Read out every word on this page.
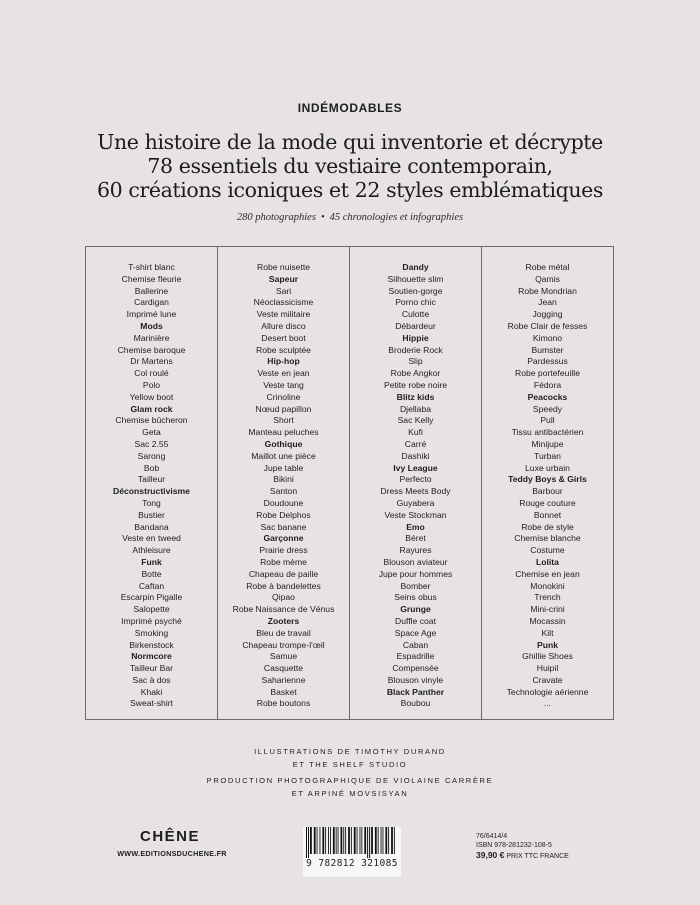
INDÉMODABLES
Une histoire de la mode qui inventorie et décrypte
78 essentiels du vestiaire contemporain,
60 créations iconiques et 22 styles emblématiques
280 photographies • 45 chronologies et infographies
T-shirt blanc
Chemise fleurie
Ballerine
Cardigan
Imprimé lune
Mods
Marinière
Chemise baroque
Dr Martens
Col roulé
Polo
Yellow boot
Glam rock
Chemise bûcheron
Geta
Sac 2.55
Sarong
Bob
Tailleur
Déconstructivisme
Tong
Bustier
Bandana
Veste en tweed
Athleisure
Funk
Botte
Caftan
Escarpin Pigalle
Salopette
Imprimé psyché
Smoking
Birkenstock
Normcore
Tailleur Bar
Sac à dos
Khaki
Sweat-shirt
Robe nuisette
Sapeur
Sari
Néoclassicisme
Veste militaire
Allure disco
Desert boot
Robe sculptée
Hip-hop
Veste en jean
Veste tang
Crinoline
Nœud papillon
Short
Manteau peluches
Gothique
Maillot une pièce
Jupe table
Bikini
Santon
Doudoune
Robe Delphos
Sac banane
Garçonne
Prairie dress
Robe mème
Chapeau de paille
Robe à bandelettes
Qipao
Robe Naissance de Vénus
Zooters
Bleu de travail
Chapeau trompe-l'œil
Samue
Casquette
Saharienne
Basket
Robe boutons
Dandy
Silhouette slim
Soutien-gorge
Porno chic
Culotte
Débardeur
Hippie
Broderie Rock
Slip
Robe Angkor
Petite robe noire
Blitz kids
Djellaba
Sac Kelly
Kufi
Carré
Dashiki
Ivy League
Perfecto
Dress Meets Body
Guyabera
Veste Stockman
Emo
Béret
Rayures
Blouson aviateur
Jupe pour hommes
Bomber
Seins obus
Grunge
Duffle coat
Space Age
Caban
Espadrille
Compensée
Blouson vinyle
Black Panther
Boubou
Robe métal
Qamis
Robe Mondrian
Jean
Jogging
Robe Clair de fesses
Kimono
Bumster
Pardessus
Robe portefeuille
Fédora
Peacocks
Speedy
Pull
Tissu antibactérien
Minijupe
Turban
Luxe urbain
Teddy Boys & Girls
Barbour
Rouge couture
Bonnet
Robe de style
Chemise blanche
Costume
Lolita
Chemise en jean
Monokini
Trench
Mini-crini
Mocassin
Kilt
Punk
Ghillie Shoes
Huipil
Cravate
Technologie aérienne
...
ILLUSTRATIONS DE TIMOTHY DURAND
ET THE SHELF STUDIO
PRODUCTION PHOTOGRAPHIQUE DE VIOLAINE CARRÈRE
ET ARPINÉ MOVSISYAN
CHÊNE
WWW.EDITIONSDUCHENE.FR
9 782812 321085
76/6414/4
ISBN 978-281232-108-5
39,90 € PRIX TTC FRANCE
